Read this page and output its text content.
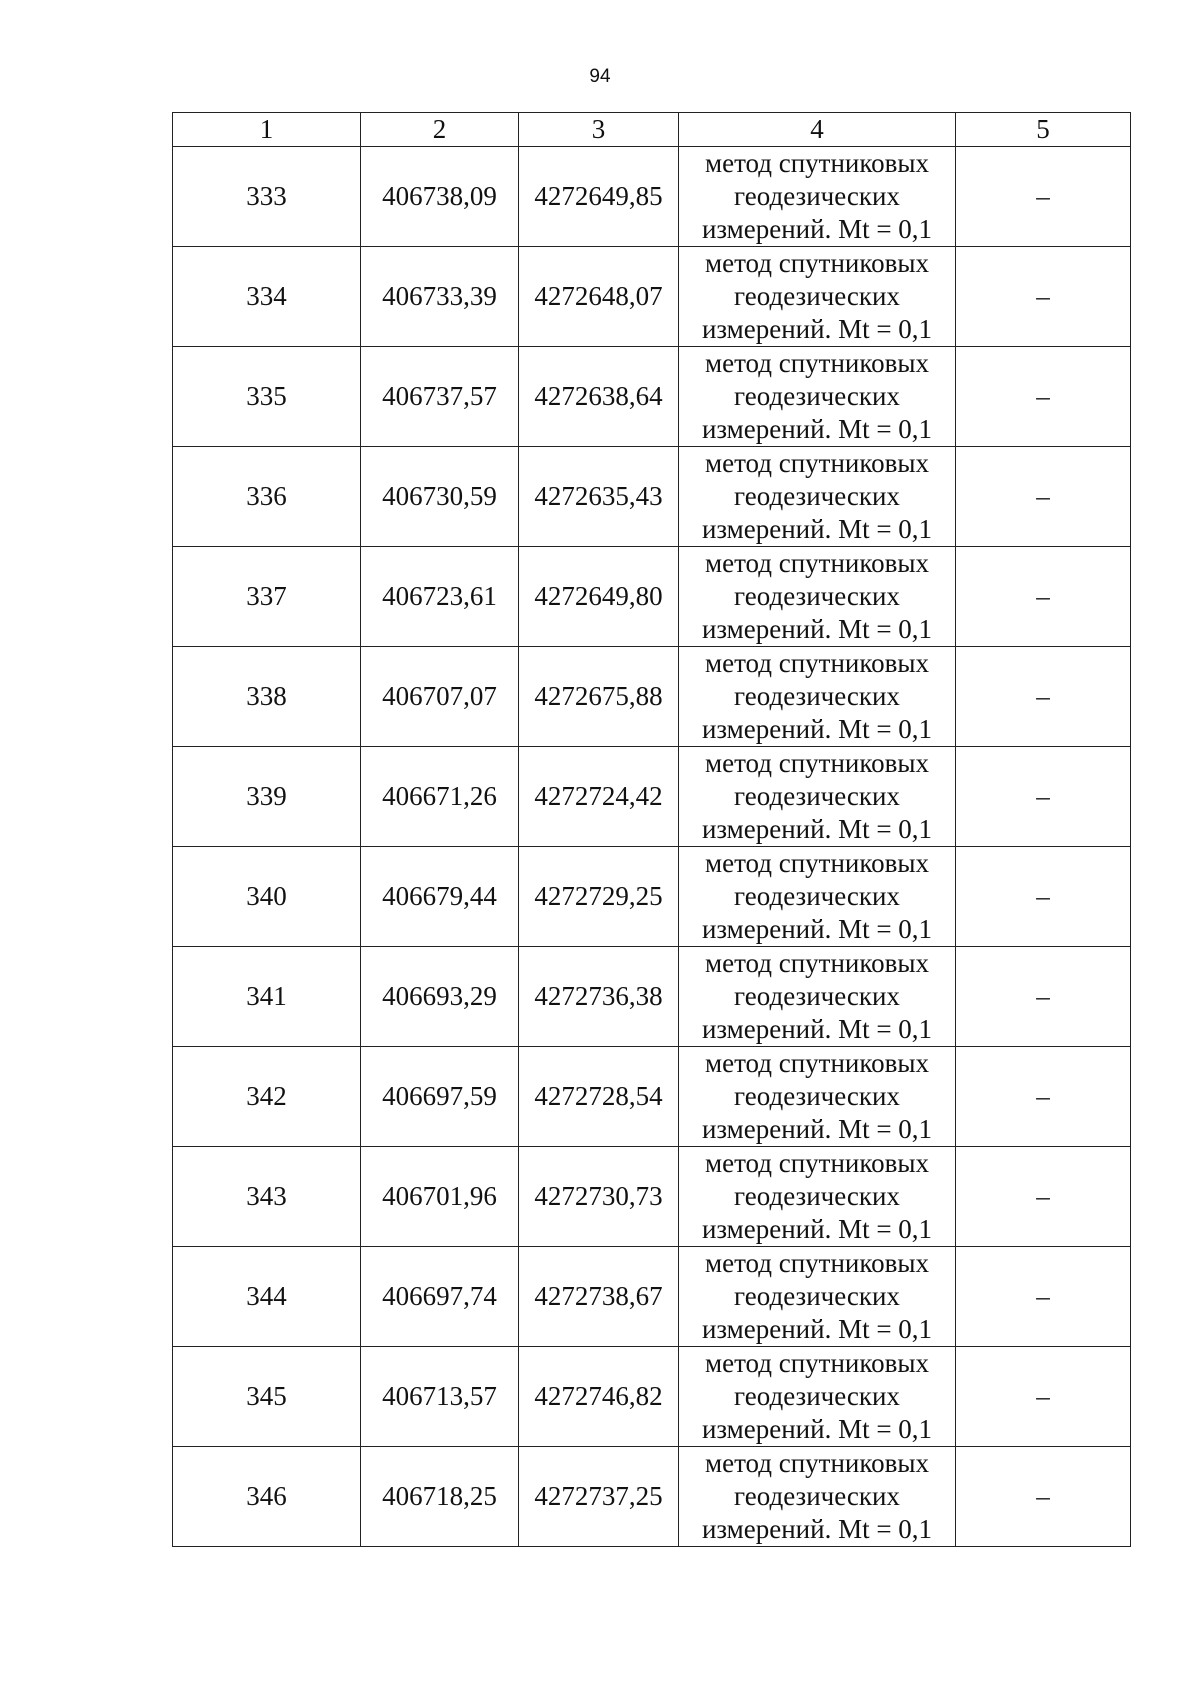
94
1	2	3	4	5
333	406738,09	4272649,85	метод спутниковых
геодезических
измерений. Mt = 0,1	–
334	406733,39	4272648,07	метод спутниковых
геодезических
измерений. Mt = 0,1	–
335	406737,57	4272638,64	метод спутниковых
геодезических
измерений. Mt = 0,1	–
336	406730,59	4272635,43	метод спутниковых
геодезических
измерений. Mt = 0,1	–
337	406723,61	4272649,80	метод спутниковых
геодезических
измерений. Mt = 0,1	–
338	406707,07	4272675,88	метод спутниковых
геодезических
измерений. Mt = 0,1	–
339	406671,26	4272724,42	метод спутниковых
геодезических
измерений. Mt = 0,1	–
340	406679,44	4272729,25	метод спутниковых
геодезических
измерений. Mt = 0,1	–
341	406693,29	4272736,38	метод спутниковых
геодезических
измерений. Mt = 0,1	–
342	406697,59	4272728,54	метод спутниковых
геодезических
измерений. Mt = 0,1	–
343	406701,96	4272730,73	метод спутниковых
геодезических
измерений. Mt = 0,1	–
344	406697,74	4272738,67	метод спутниковых
геодезических
измерений. Mt = 0,1	–
345	406713,57	4272746,82	метод спутниковых
геодезических
измерений. Mt = 0,1	–
346	406718,25	4272737,25	метод спутниковых
геодезических
измерений. Mt = 0,1	–
